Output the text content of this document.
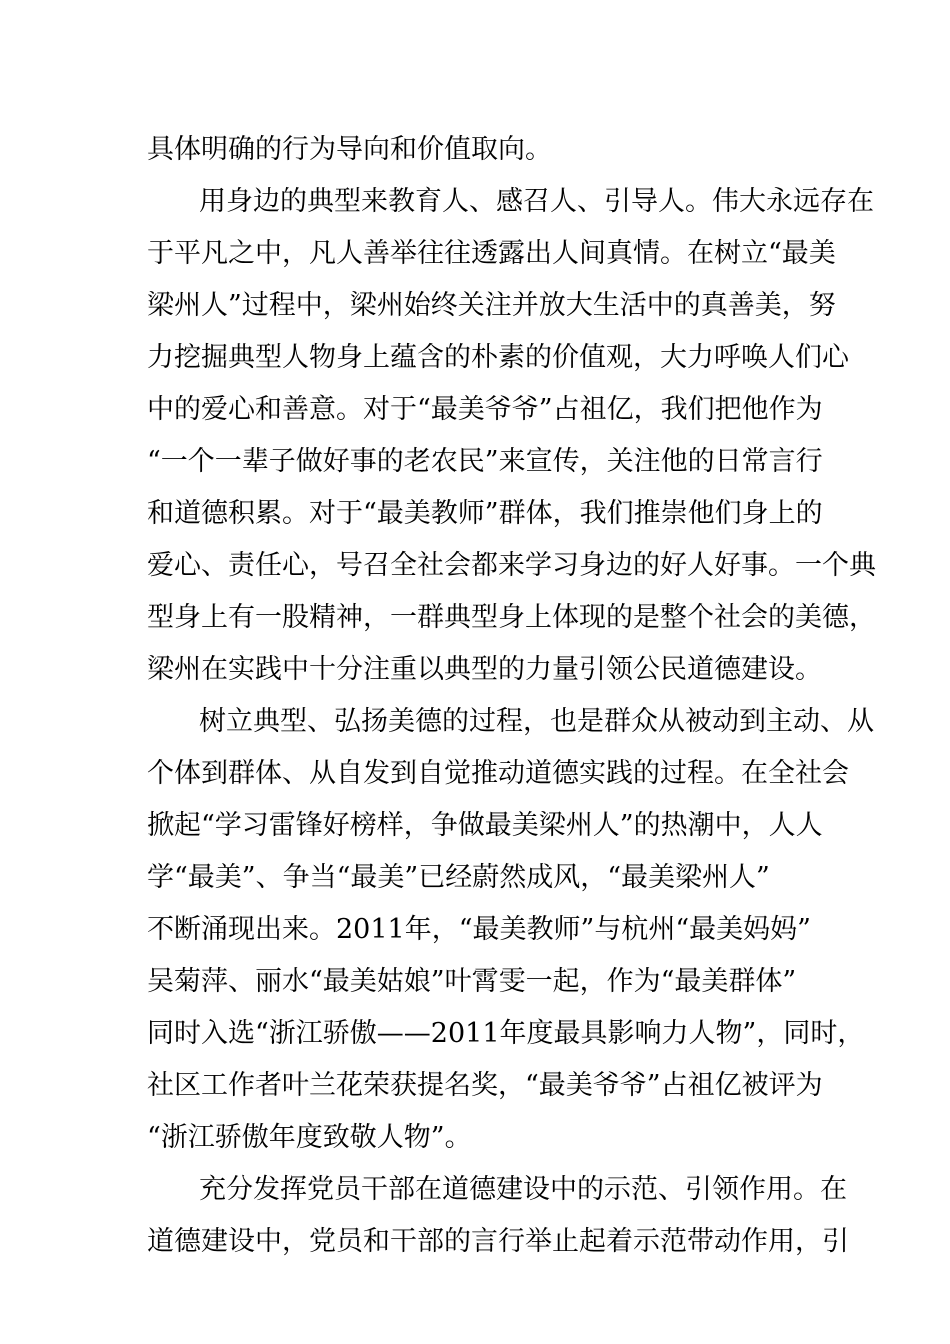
具体明确的行为导向和价值取向。
用身边的典型来教育人、感召人、引导人。伟大永远存在
于平凡之中，凡人善举往往透露出人间真情。在树立“最美
梁州人”过程中，梁州始终关注并放大生活中的真善美，努
力挖掘典型人物身上蕴含的朴素的价值观，大力呼唤人们心
中的爱心和善意。对于“最美爷爷”占祖亿，我们把他作为
“一个一辈子做好事的老农民”来宣传，关注他的日常言行
和道德积累。对于“最美教师”群体，我们推崇他们身上的
爱心、责任心，号召全社会都来学习身边的好人好事。一个典
型身上有一股精神，一群典型身上体现的是整个社会的美德，
梁州在实践中十分注重以典型的力量引领公民道德建设。
树立典型、弘扬美德的过程，也是群众从被动到主动、从
个体到群体、从自发到自觉推动道德实践的过程。在全社会
掀起“学习雷锋好榜样，争做最美梁州人”的热潮中，人人
学“最美”、争当“最美”已经蔚然成风，“最美梁州人”
不断涌现出来。2011年，“最美教师”与杭州“最美妈妈”
吴菊萍、丽水“最美姑娘”叶霄雯一起，作为“最美群体”
同时入选“浙江骄傲——2011年度最具影响力人物”，同时，
社区工作者叶兰花荣获提名奖，“最美爷爷”占祖亿被评为
“浙江骄傲年度致敬人物”。
充分发挥党员干部在道德建设中的示范、引领作用。在
道德建设中，党员和干部的言行举止起着示范带动作用，引
